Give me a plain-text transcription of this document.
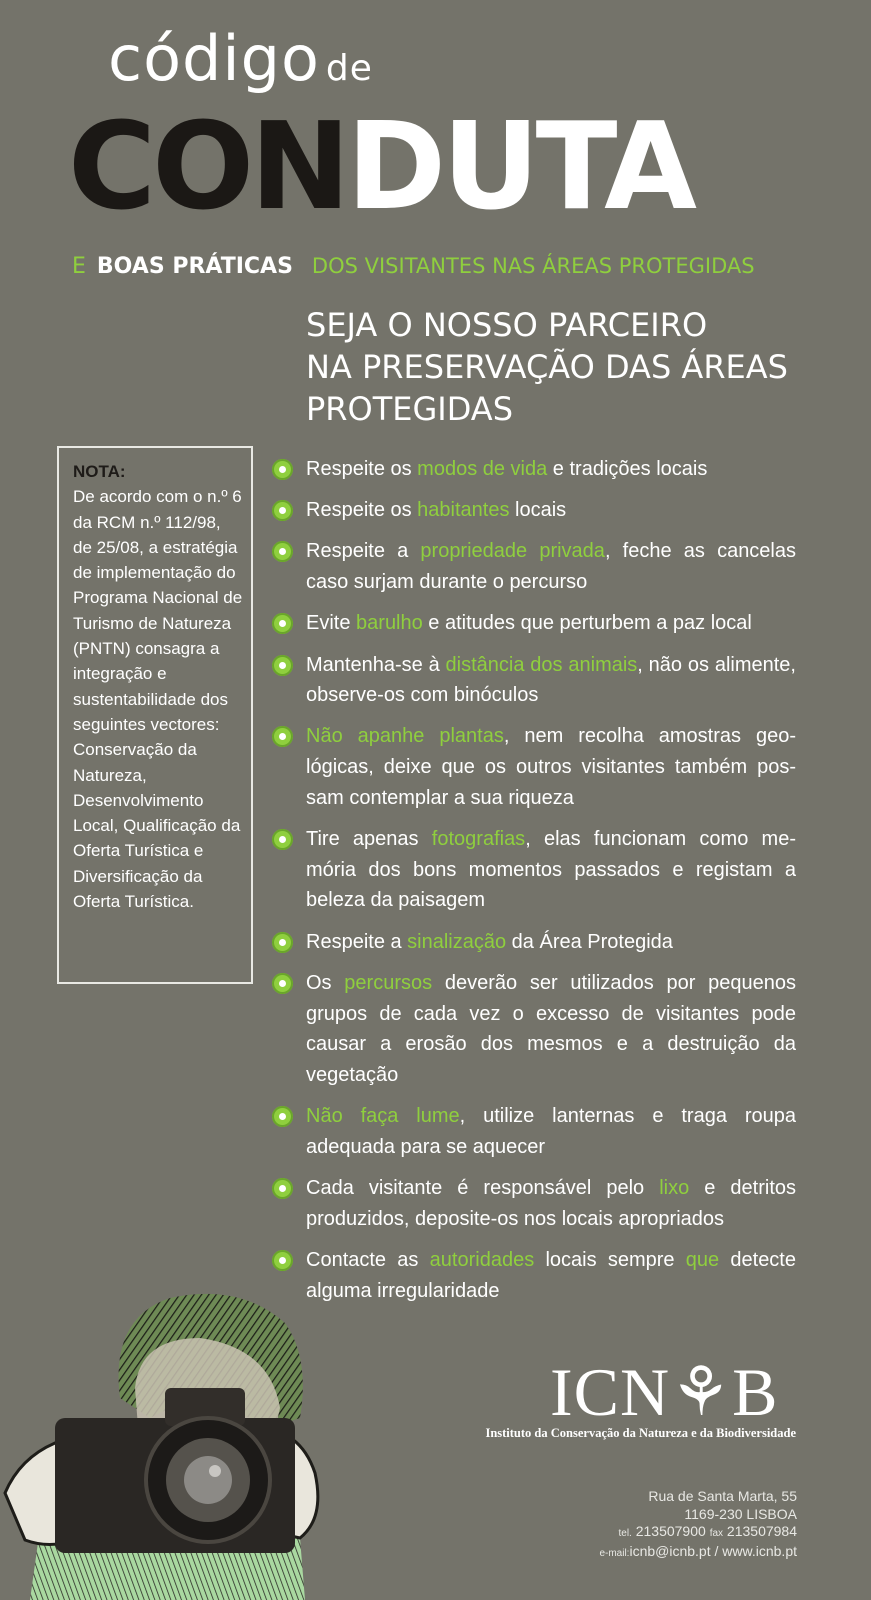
código de
CONDUTA
E BOAS PRÁTICAS DOS VISITANTES NAS ÁREAS PROTEGIDAS
SEJA O NOSSO PARCEIRO
NA PRESERVAÇÃO DAS ÁREAS
PROTEGIDAS
NOTA:
De acordo com o n.º 6 da RCM n.º 112/98, de 25/08, a estratégia de implementação do Programa Nacional de Turismo de Natureza (PNTN) consagra a integração e sustentabilidade dos seguintes vectores: Conservação da Natureza, Desenvolvimento Local, Qualificação da Oferta Turística e Diversificação da Oferta Turística.
Respeite os modos de vida e tradições locais
Respeite os habitantes locais
Respeite a propriedade privada, feche as cancelas caso surjam durante o percurso
Evite barulho e atitudes que perturbem a paz local
Mantenha-se à distância dos animais, não os alimente, observe-os com binóculos
Não apanhe plantas, nem recolha amostras geo-lógicas, deixe que os outros visitantes também pos-sam contemplar a sua riqueza
Tire apenas fotografias, elas funcionam como me-mória dos bons momentos passados e registam a beleza da paisagem
Respeite a sinalização da Área Protegida
Os percursos deverão ser utilizados por pequenos grupos de cada vez o excesso de visitantes pode causar a erosão dos mesmos e a destruição da vegetação
Não faça lume, utilize lanternas e traga roupa adequada para se aquecer
Cada visitante é responsável pelo lixo e detritos produzidos, deposite-os nos locais apropriados
Contacte as autoridades locais sempre que detecte alguma irregularidade
ICN⚘B
Instituto da Conservação da Natureza e da Biodiversidade
Rua de Santa Marta, 55
1169-230 LISBOA
tel. 213507900 fax 213507984
e-mail:icnb@icnb.pt / www.icnb.pt
